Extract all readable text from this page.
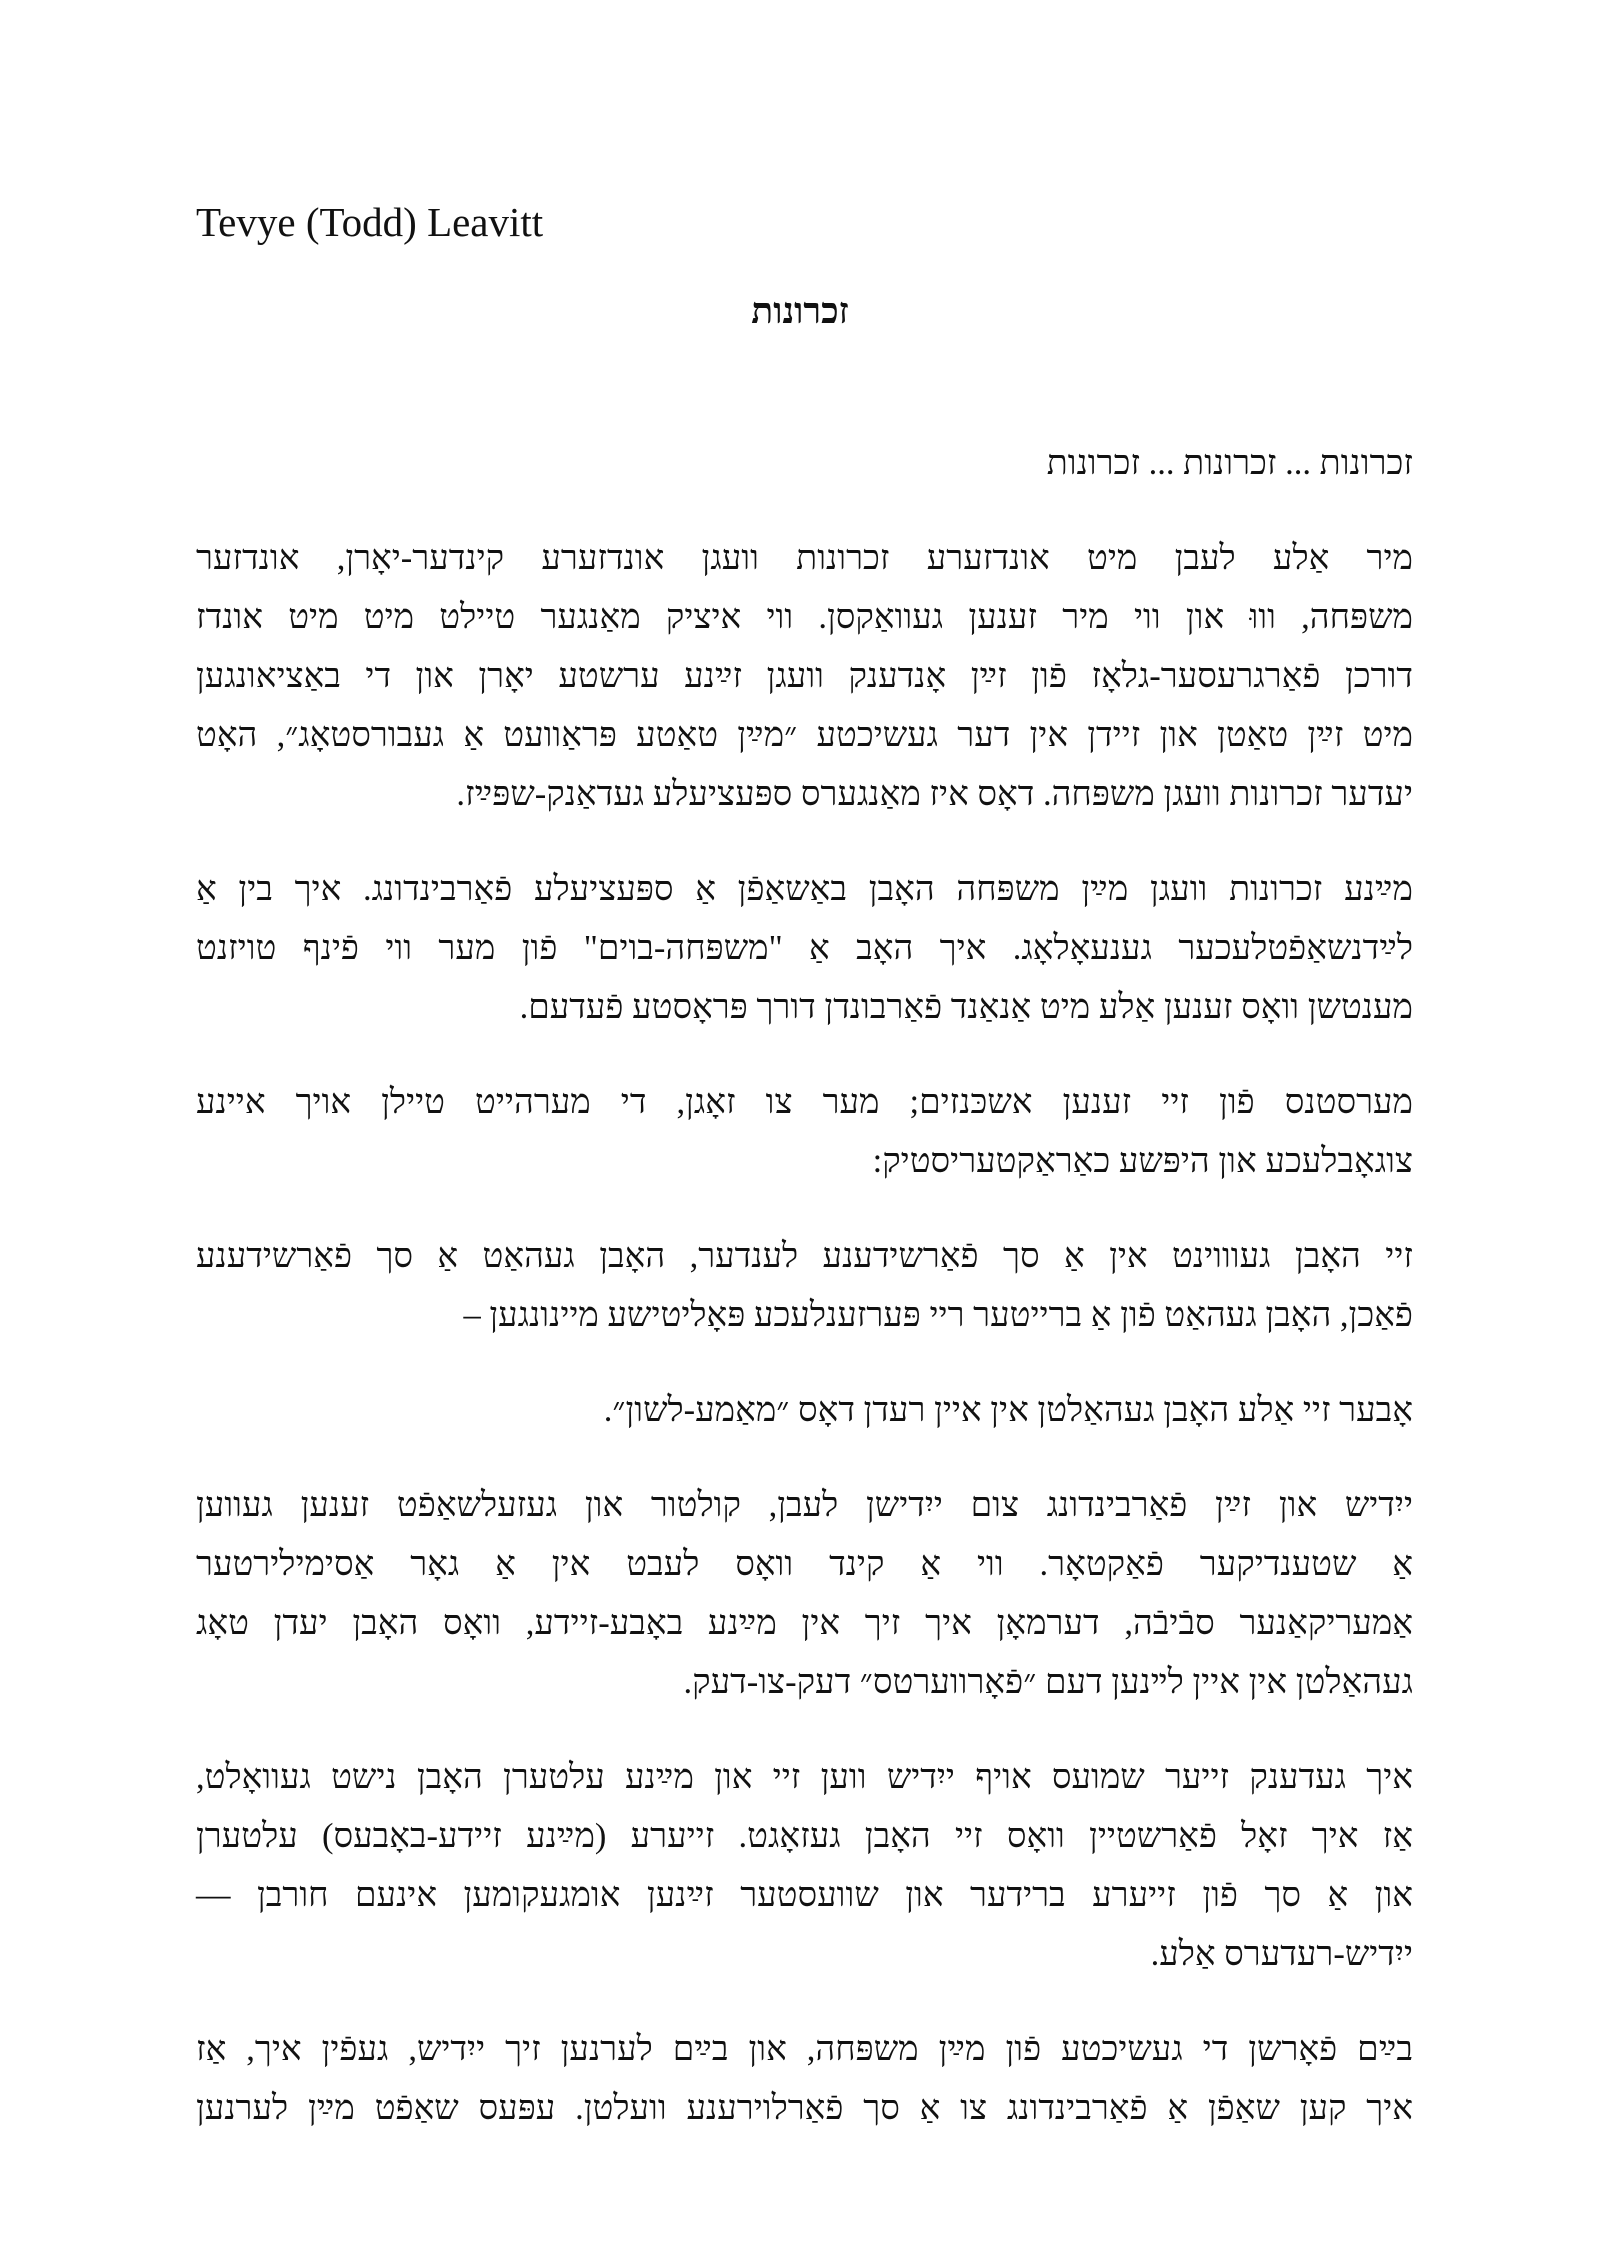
Tevye (Todd) Leavitt
זכרונות

זכרונות ... זכרונות ... זכרונות

מיר אַלע לעבן מיט אונדזערע זכרונות וועגן אונדזערע קינדער-יאָרן, אונדזער
משפּחה, וווּ און ווי מיר זענען געוואַקסן. ווי איציק מאַנגער טיילט מיט מיט אונדז
דורכן פֿאַרגרעסער-גלאָז פֿון זײַן אָנדענק וועגן זײַנע ערשטע יאָרן און די באַציאונגען
מיט זײַן טאַטן און זיידן אין דער געשיכטע ״מײַן טאַטע פּראַוועט אַ געבורסטאָג״, האָט
יעדער זכרונות וועגן משפּחה. דאָס איז מאַנגערס ספּעציעלע געדאַנק-שפּײַז.

מײַנע זכרונות וועגן מײַן משפּחה האָבן באַשאַפֿן אַ ספּעציעלע פֿאַרבינדונג. איך בין אַ
לײַדנשאַפֿטלעכער גענעאָלאָג. איך האָב אַ "משפּחה-בוים" פֿון מער ווי פֿינף טויזנט
מענטשן וואָס זענען אַלע מיט אַנאַנד פֿאַרבונדן דורך פּראָסטע פֿעדעם.

מערסטנס פֿון זיי זענען אשכּנזים; מער צו זאָגן, די מערהייט טיילן אויך איינע
צוגאָבלעכע און היפּשע כאַראַקטעריסטיק:

זיי האָבן געוווינט אין אַ סך פֿאַרשידענע לענדער, האָבן געהאַט אַ סך פֿאַרשידענע
פֿאַכן, האָבן געהאַט פֿון אַ ברייטער ריי פּערזענלעכע פּאָליטישע מיינונגען –

אָבער זיי אַלע האָבן געהאַלטן אין איין רעדן דאָס ״מאַמע-לשון״.

ייִדיש און זײַן פֿאַרבינדונג צום ייִדישן לעבן, קולטור און געזעלשאַפֿט זענען געווען
אַ שטענדיקער פֿאַקטאָר. ווי אַ קינד וואָס לעבט אין אַ גאָר אַסימילירטער
אַמעריקאַנער סבֿיבֿה, דערמאָן איך זיך אין מײַנע באָבע-זיידע, וואָס האָבן יעדן טאָג
געהאַלטן אין איין לײנען דעם ״פֿאָרווערטס״ דעק-צו-דעק.

איך געדענק זייער שמועס אויף ייִדיש ווען זיי און מײַנע עלטערן האָבן נישט געוואָלט,
אַז איך זאָל פֿאַרשטיין וואָס זיי האָבן געזאָגט. זייערע (מײַנע זיידע-באָבעס) עלטערן
און אַ סך פֿון זייערע ברידער און שוועסטער זײַנען אומגעקומען אינעם חורבן —
ייִדיש-רעדערס אַלע.

בײַם פֿאָרשן די געשיכטע פֿון מײַן משפּחה, און בײַם לערנען זיך ייִדיש, געפֿין איך, אַז
איך קען שאַפֿן אַ פֿאַרבינדונג צו אַ סך פֿאַרלוירענע וועלטן. עפּעס שאַפֿט מײַן לערנען
